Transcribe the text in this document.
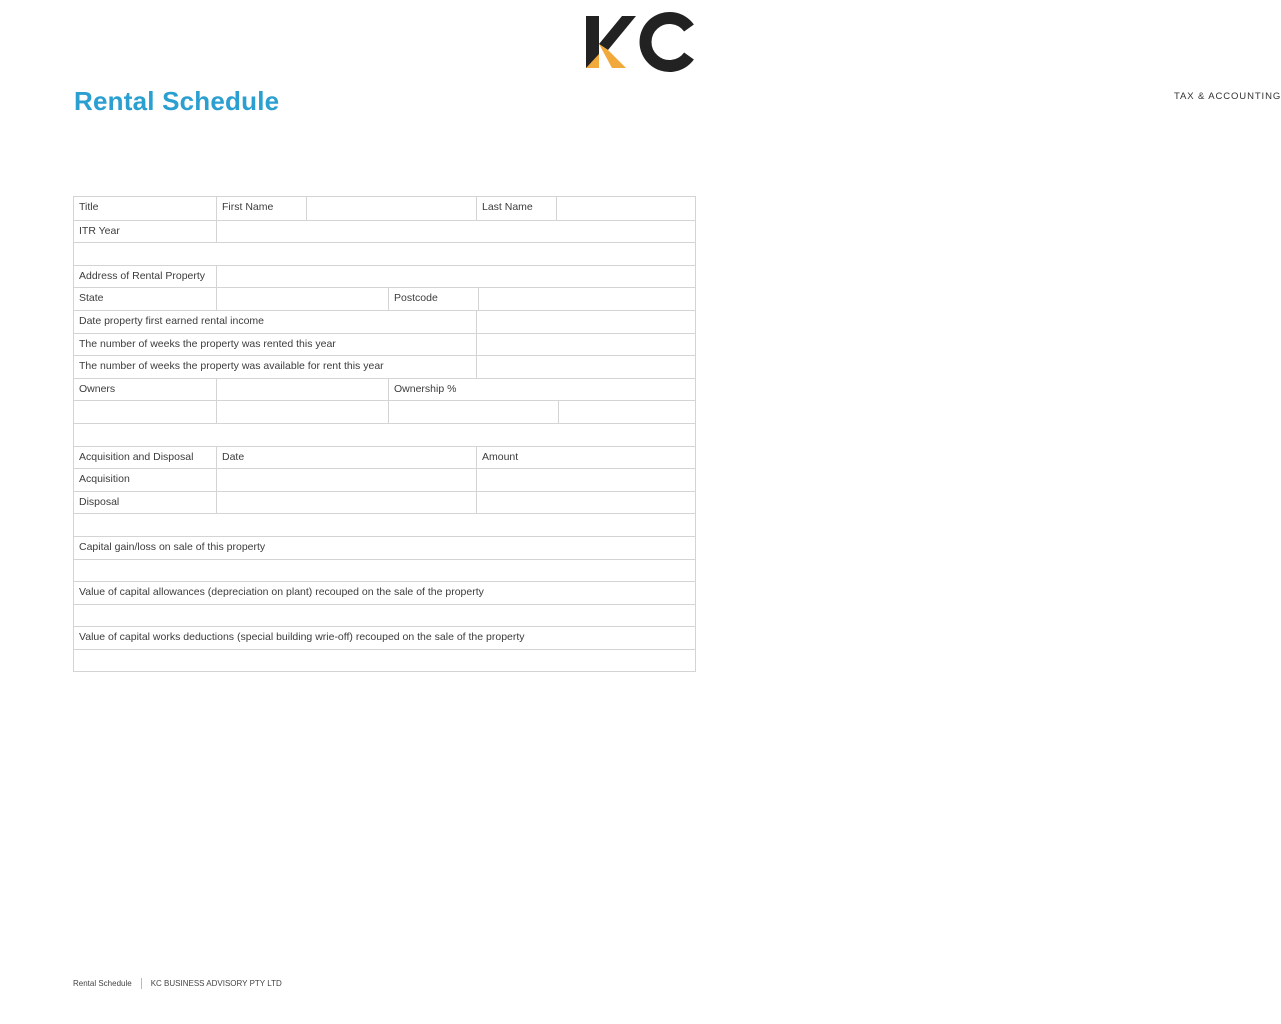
TAX & ACCOUNTING
Rental Schedule
Title	First Name	Last Name
ITR Year
Address of Rental Property
State	Postcode
Date property first earned rental income
The number of weeks the property was rented this year
The number of weeks the property was available for rent this year
Owners	Ownership %
Acquisition and Disposal	Date	Amount
Acquisition
Disposal
Capital gain/loss on sale of this property
Value of capital allowances (depreciation on plant) recouped on the sale of the property
Value of capital works deductions (special building wrie-off) recouped on the sale of the property
Rental Schedule KC BUSINESS ADVISORY PTY LTD
